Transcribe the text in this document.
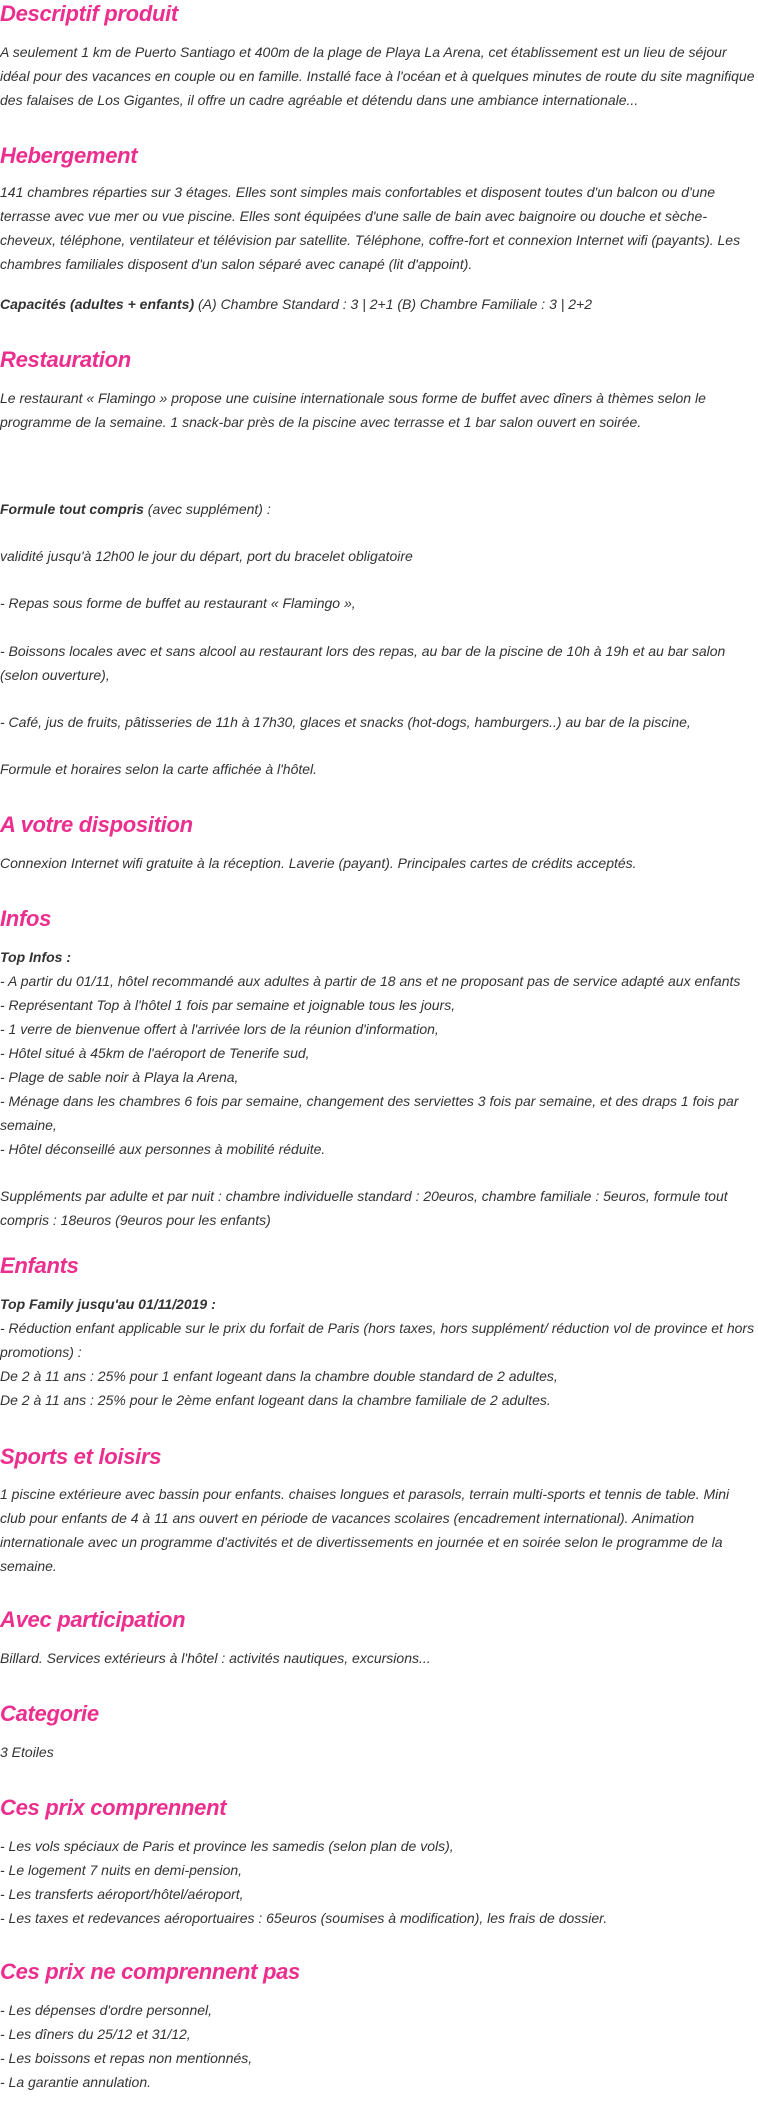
Descriptif produit

A seulement 1 km de Puerto Santiago et 400m de la plage de Playa La Arena, cet établissement est un lieu de séjour idéal pour des vacances en couple ou en famille. Installé face à l'océan et à quelques minutes de route du site magnifique des falaises de Los Gigantes, il offre un cadre agréable et détendu dans une ambiance internationale...

Hebergement

141 chambres réparties sur 3 étages. Elles sont simples mais confortables et disposent toutes d'un balcon ou d'une terrasse avec vue mer ou vue piscine. Elles sont équipées d'une salle de bain avec baignoire ou douche et sèche-cheveux, téléphone, ventilateur et télévision par satellite. Téléphone, coffre-fort et connexion Internet wifi (payants). Les chambres familiales disposent d'un salon séparé avec canapé (lit d'appoint).

Capacités (adultes + enfants) (A) Chambre Standard : 3 | 2+1 (B) Chambre Familiale : 3 | 2+2

Restauration

Le restaurant « Flamingo » propose une cuisine internationale sous forme de buffet avec dîners à thèmes selon le programme de la semaine. 1 snack-bar près de la piscine avec terrasse et 1 bar salon ouvert en soirée.

Formule tout compris (avec supplément) :

validité jusqu'à 12h00 le jour du départ, port du bracelet obligatoire

- Repas sous forme de buffet au restaurant « Flamingo »,

- Boissons locales avec et sans alcool au restaurant lors des repas, au bar de la piscine de 10h à 19h et au bar salon (selon ouverture),

- Café, jus de fruits, pâtisseries de 11h à 17h30, glaces et snacks (hot-dogs, hamburgers..) au bar de la piscine,

Formule et horaires selon la carte affichée à l'hôtel.

A votre disposition

Connexion Internet wifi gratuite à la réception. Laverie (payant). Principales cartes de crédits acceptés.

Infos
Top Infos :
- A partir du 01/11, hôtel recommandé aux adultes à partir de 18 ans et ne proposant pas de service adapté aux enfants
- Représentant Top à l'hôtel 1 fois par semaine et joignable tous les jours,
- 1 verre de bienvenue offert à l'arrivée lors de la réunion d'information,
- Hôtel situé à 45km de l'aéroport de Tenerife sud,
- Plage de sable noir à Playa la Arena,
- Ménage dans les chambres 6 fois par semaine, changement des serviettes 3 fois par semaine, et des draps 1 fois par semaine,
- Hôtel déconseillé aux personnes à mobilité réduite.

Suppléments par adulte et par nuit : chambre individuelle standard : 20euros, chambre familiale : 5euros, formule tout compris : 18euros (9euros pour les enfants)

Enfants
Top Family jusqu'au 01/11/2019 :
- Réduction enfant applicable sur le prix du forfait de Paris (hors taxes, hors supplément/ réduction vol de province et hors promotions) :
De 2 à 11 ans : 25% pour 1 enfant logeant dans la chambre double standard de 2 adultes,
De 2 à 11 ans : 25% pour le 2ème enfant logeant dans la chambre familiale de 2 adultes.
Sports et loisirs

1 piscine extérieure avec bassin pour enfants. chaises longues et parasols, terrain multi-sports et tennis de table. Mini club pour enfants de 4 à 11 ans ouvert en période de vacances scolaires (encadrement international). Animation internationale avec un programme d'activités et de divertissements en journée et en soirée selon le programme de la semaine.

Avec participation

Billard. Services extérieurs à l'hôtel : activités nautiques, excursions...

Categorie

3 Etoiles

Ces prix comprennent
- Les vols spéciaux de Paris et province les samedis (selon plan de vols),
- Le logement 7 nuits en demi-pension,
- Les transferts aéroport/hôtel/aéroport,
- Les taxes et redevances aéroportuaires : 65euros (soumises à modification), les frais de dossier.
Ces prix ne comprennent pas
- Les dépenses d'ordre personnel,
- Les dîners du 25/12 et 31/12,
- Les boissons et repas non mentionnés,
- La garantie annulation.
